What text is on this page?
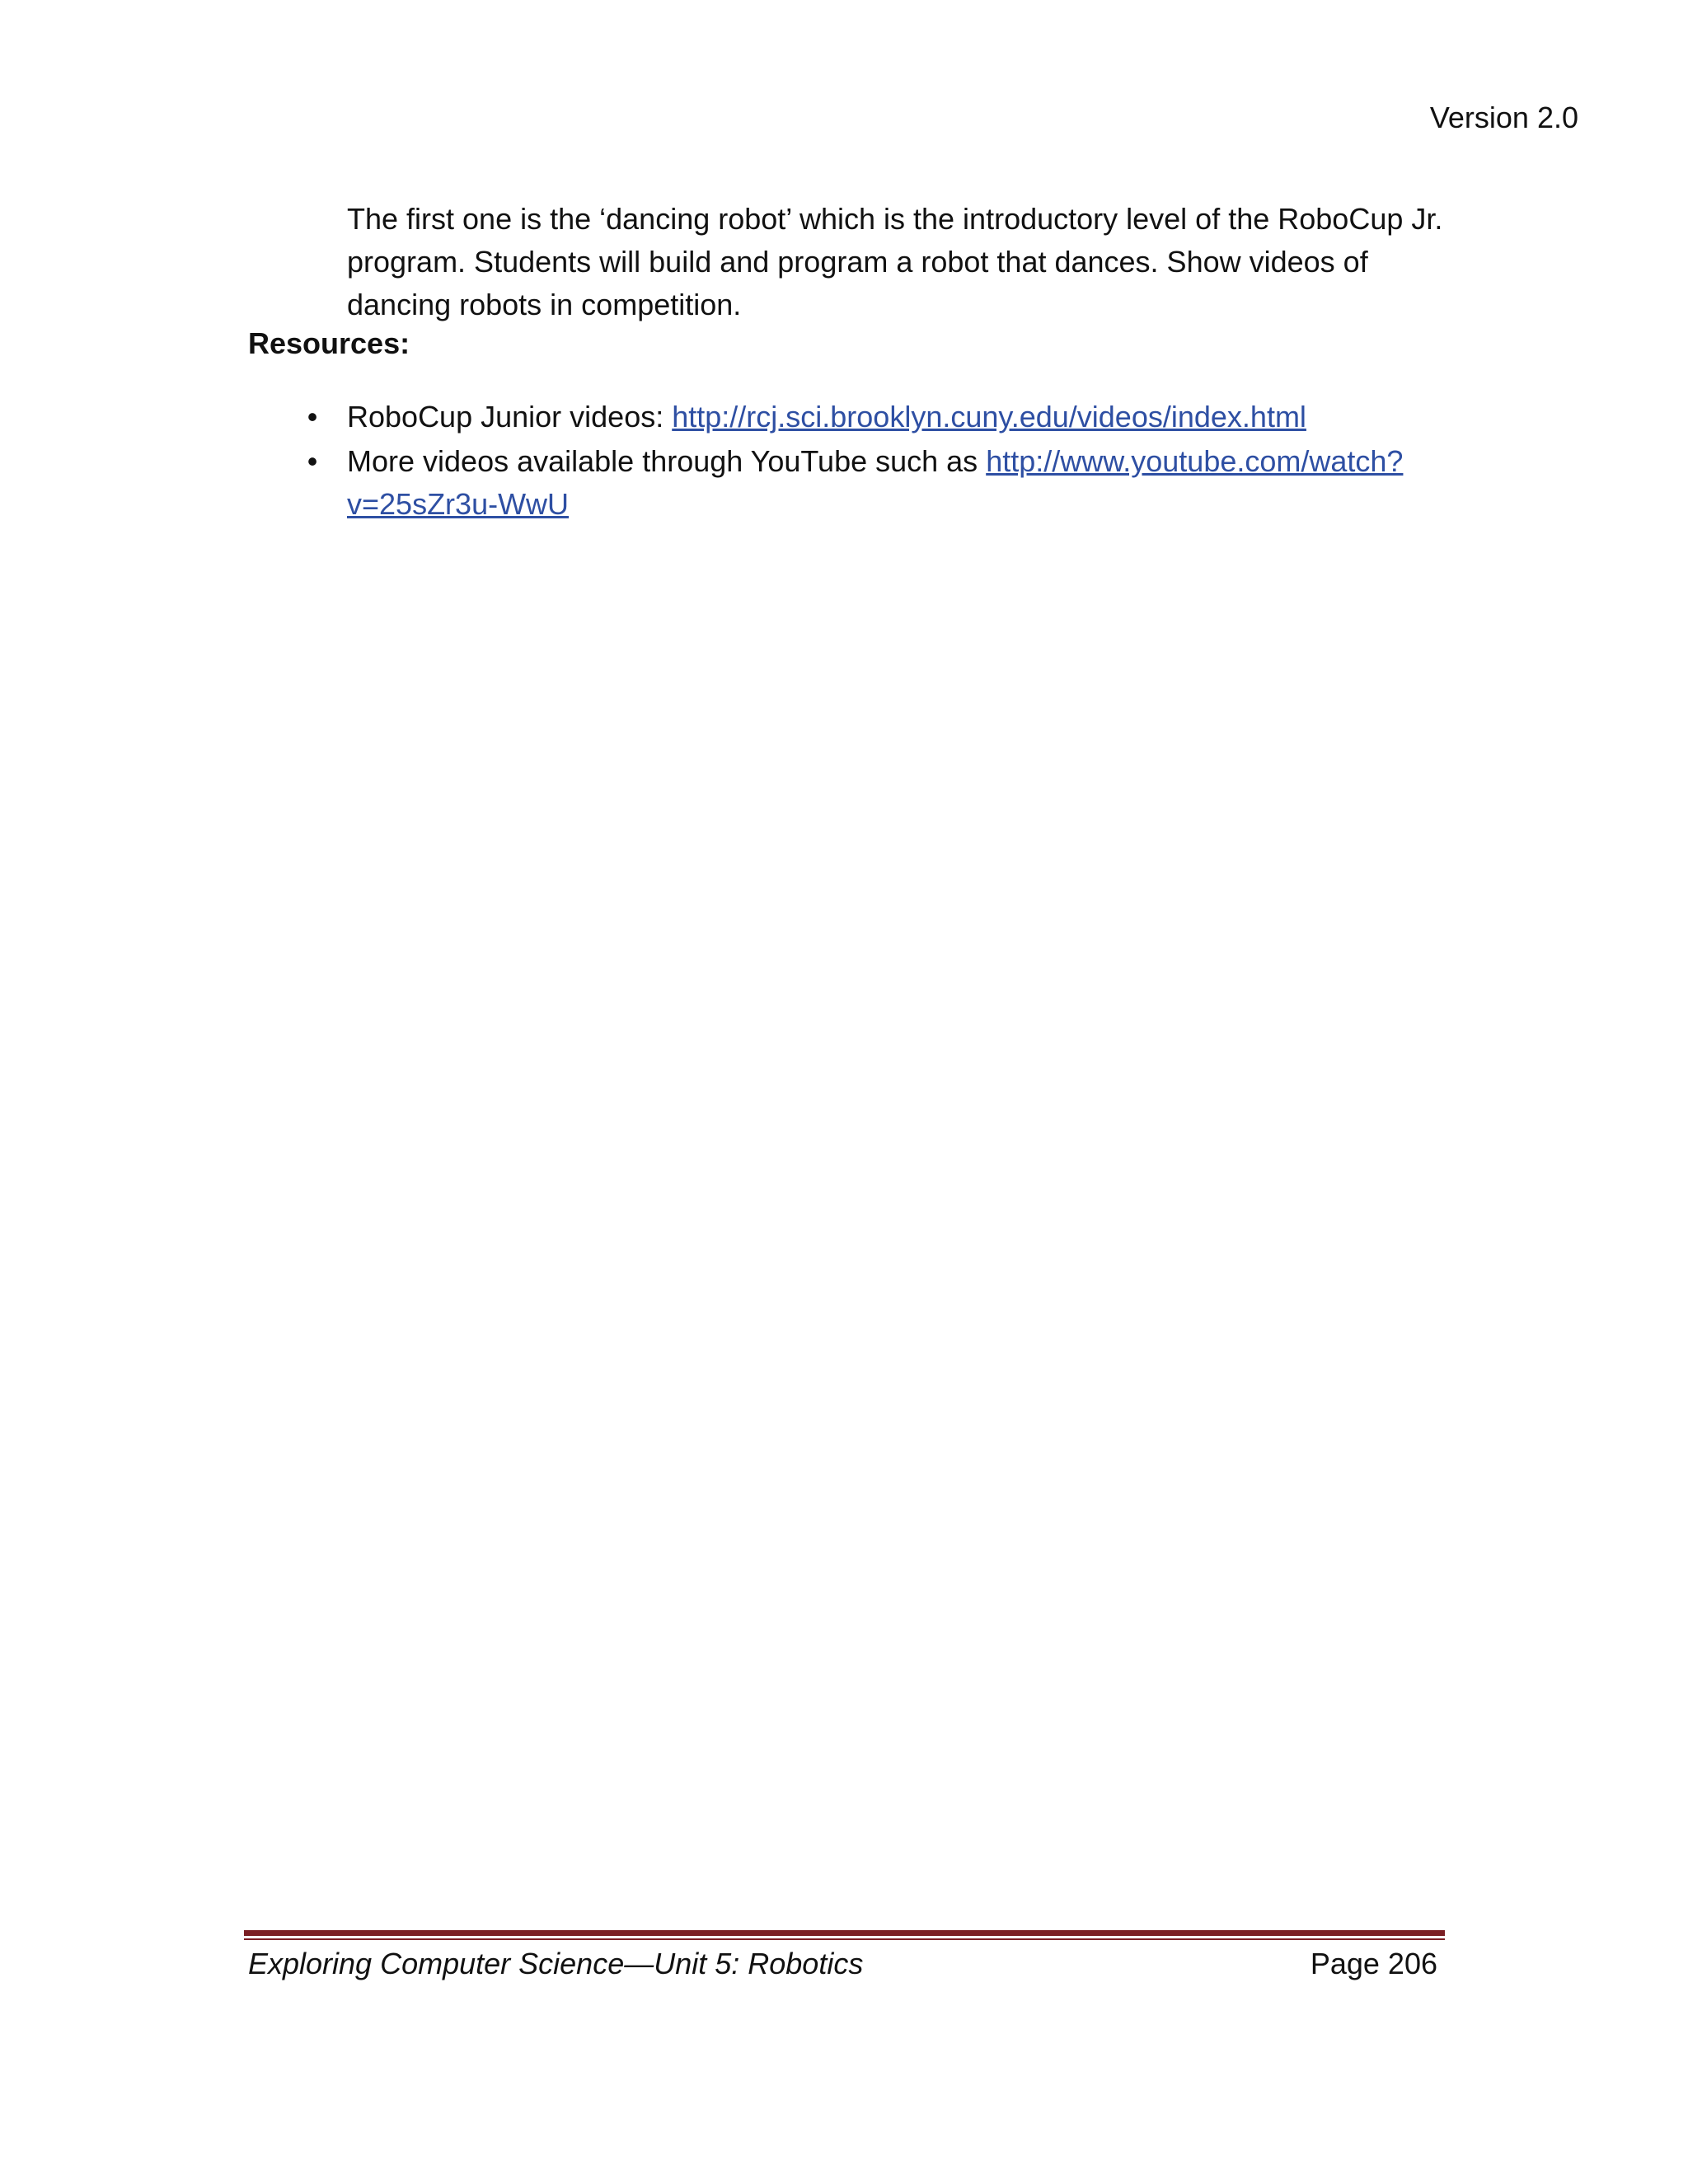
Version 2.0

The first one is the ‘dancing robot’ which is the introductory level of the RoboCup Jr. program. Students will build and program a robot that dances. Show videos of dancing robots in competition.

Resources:
• RoboCup Junior videos: http://rcj.sci.brooklyn.cuny.edu/videos/index.html
• More videos available through YouTube such as http://www.youtube.com/watch?v=25sZr3u-WwU
Exploring Computer Science—Unit 5: Robotics	Page 206
